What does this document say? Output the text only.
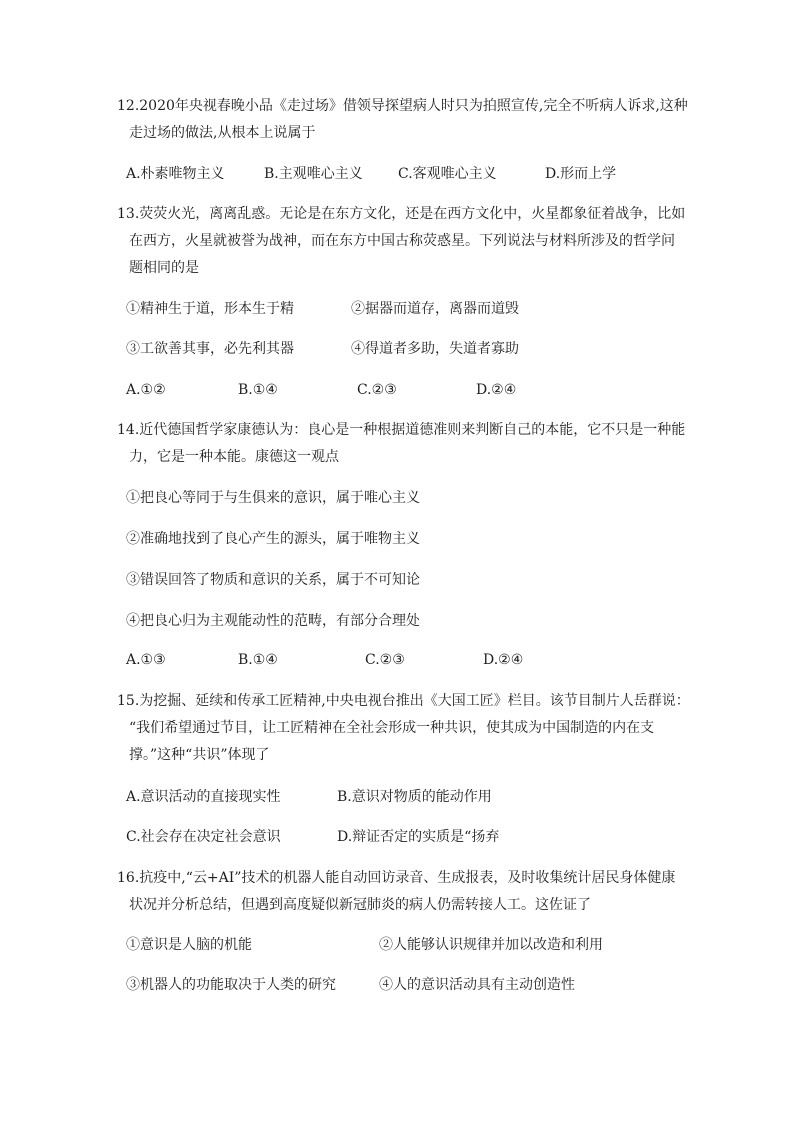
12.2020年央视春晚小品《走过场》借领导探望病人时只为拍照宣传,完全不听病人诉求,这种
走过场的做法,从根本上说属于
A.朴素唯物主义	B.主观唯心主义	C.客观唯心主义	D.形而上学
13.荧荧火光，离离乱惑。无论是在东方文化，还是在西方文化中，火星都象征着战争，比如
在西方，火星就被誉为战神，而在东方中国古称荧惑星。下列说法与材料所涉及的哲学问
题相同的是
①精神生于道，形本生于精	②据器而道存，离器而道毁
③工欲善其事，必先利其器	④得道者多助，失道者寡助
A.①②	B.①④	C.②③	D.②④
14.近代德国哲学家康德认为：良心是一种根据道德准则来判断自己的本能，它不只是一种能
力，它是一种本能。康德这一观点
①把良心等同于与生俱来的意识，属于唯心主义
②准确地找到了良心产生的源头，属于唯物主义
③错误回答了物质和意识的关系，属于不可知论
④把良心归为主观能动性的范畴，有部分合理处
A.①③	B.①④	C.②③	D.②④
15.为挖掘、延续和传承工匠精神,中央电视台推出《大国工匠》栏目。该节目制片人岳群说：
“我们希望通过节目，让工匠精神在全社会形成一种共识，使其成为中国制造的内在支
撑。”这种“共识”体现了
A.意识活动的直接现实性	B.意识对物质的能动作用
C.社会存在决定社会意识	D.辩证否定的实质是“扬弃
16.抗疫中,“云+AI”技术的机器人能自动回访录音、生成报表，及时收集统计居民身体健康
状况并分析总结，但遇到高度疑似新冠肺炎的病人仍需转接人工。这佐证了
①意识是人脑的机能	②人能够认识规律并加以改造和利用
③机器人的功能取决于人类的研究	④人的意识活动具有主动创造性
